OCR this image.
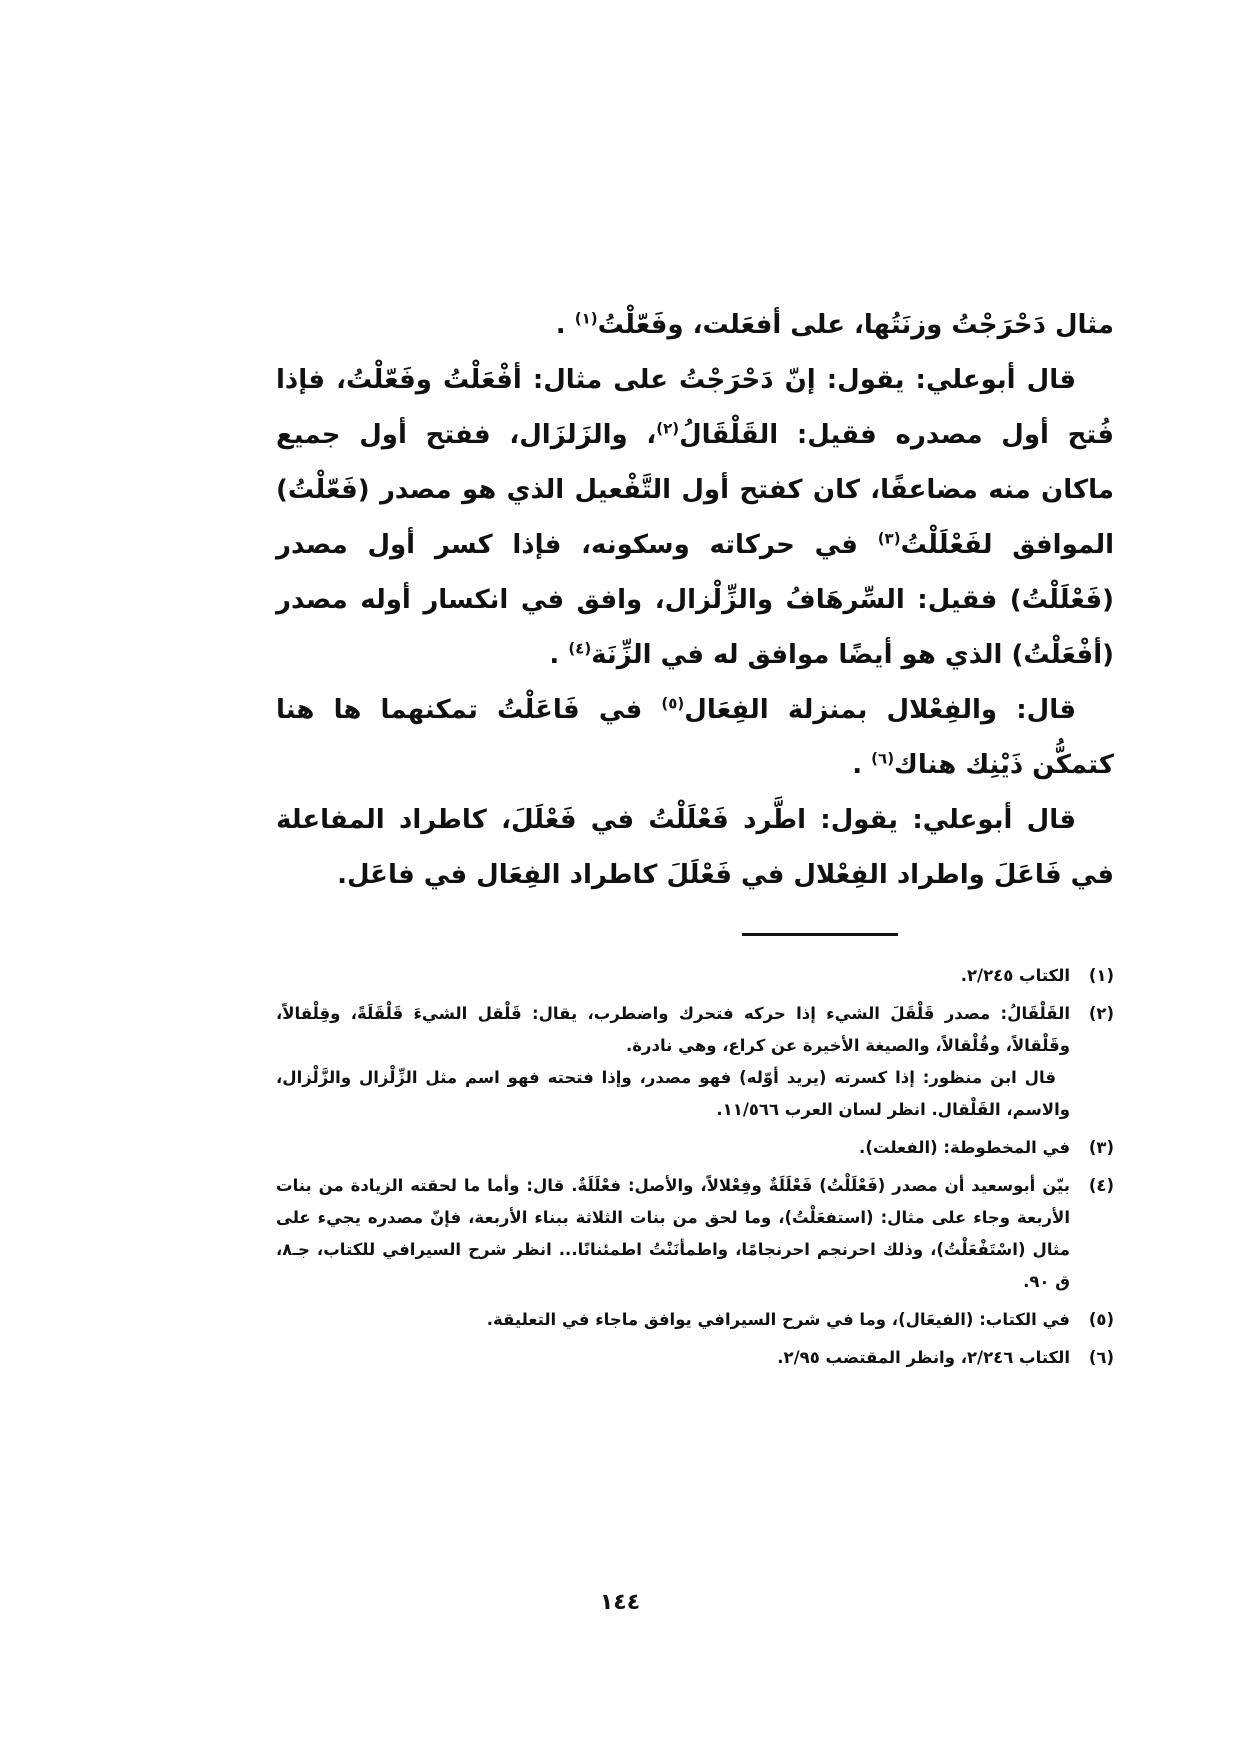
مثال دَحْرَجْتُ وزنَتُها، على أفعَلت، وفَعّلْتُ$^{(١)}$ .

قال أبوعلي: يقول: إنّ دَحْرَجْتُ على مثال: أفْعَلْتُ وفَعّلْتُ، فإذا فُتح أول مصدره فقيل: القَلْقَالُ$^{(٢)}$، والزَلزَال، ففتح أول جميع ماكان منه مضاعفًا، كان كفتح أول التَّفْعيل الذي هو مصدر (فَعّلْتُ) الموافق لفَعْلَلْتُ$^{(٣)}$ في حركاته وسكونه، فإذا كسر أول مصدر (فَعْلَلْتُ) فقيل: السِّرهَافُ والزِّلْزال، وافق في انكسار أوله مصدر (أفْعَلْتُ) الذي هو أيضًا موافق له في الزِّنَة$^{(٤)}$ .

قال: والفِعْلال بمنزلة الفِعَال$^{(٥)}$ في فَاعَلْتُ تمكنهما ها هنا كتمكُّن ذَيْنِك هناك$^{(٦)}$ .

قال أبوعلي: يقول: اطَّرد فَعْلَلْتُ في فَعْلَلَ، كاطراد المفاعلة في فَاعَلَ واطراد الفِعْلال في فَعْلَلَ كاطراد الفِعَال في فاعَل.

(١)

الكتاب ٢/٢٤٥.

(٢)

القَلْقَالُ: مصدر قَلْقَلَ الشيء إذا حركه فتحرك واضطرب، يقال: قَلْقل الشيءَ قَلْقَلَةً، وقِلْقالاً، وقَلْقالاً، وقُلْقالاً، والصيغة الأخيرة عن كراع، وهي نادرة.

قال ابن منظور: إذا كسرته (يريد أوّله) فهو مصدر، وإذا فتحته فهو اسم مثل الزِّلْزال والزَّلْزال، والاسم، القَلْقال. انظر لسان العرب ١١/٥٦٦.

(٣)

في المخطوطة: (الفعلت).

(٤)

بيّن أبوسعيد أن مصدر (فَعْلَلْتُ) فَعْلَلَةٌ وفِعْلالاً، والأصل: فعْلَلَةٌ. قال: وأما ما لحقته الزيادة من بنات الأربعة وجاء على مثال: (استفعَلْتُ)، وما لحق من بنات الثلاثة ببناء الأربعة، فإنّ مصدره يجيء على مثال (اسْتَفْعَلْتُ)، وذلك احرنجم احرنجامًا، واطمأنَنْتُ اطمئنانًا... انظر شرح السيرافي للكتاب، جـ٨، ق ٩٠.

(٥)

في الكتاب: (الفيعَال)، وما في شرح السيرافي يوافق ماجاء في التعليقة.

(٦)

الكتاب ٢/٢٤٦، وانظر المقتضب ٢/٩٥.

١٤٤
